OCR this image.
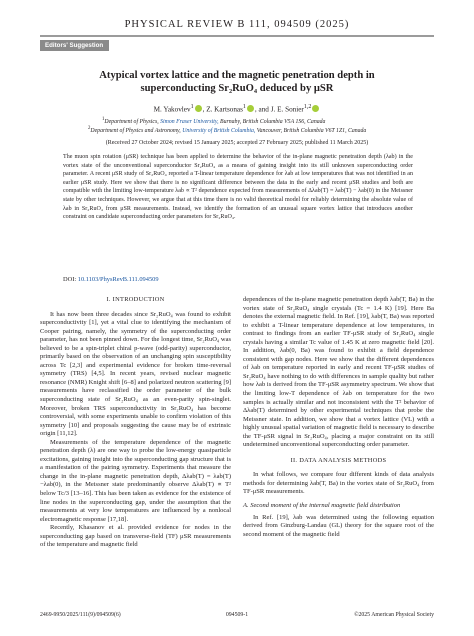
PHYSICAL REVIEW B 111, 094509 (2025)
Editors' Suggestion
Atypical vortex lattice and the magnetic penetration depth in
superconducting Sr₂RuO₄ deduced by μSR
M. Yakovlev$^1$ , Z. Kartsonas$^1$ , and J. E. Sonier$^{1,2}$
$^1$Department of Physics, Simon Fraser University, Burnaby, British Columbia V5A 1S6, Canada
$^2$Department of Physics and Astronomy, University of British Columbia, Vancouver, British Columbia V6T 1Z1, Canada
(Received 27 October 2024; revised 15 January 2025; accepted 27 February 2025; published 11 March 2025)
The muon spin rotation (μSR) technique has been applied to determine the behavior of the in-plane magnetic penetration depth (λab) in the vortex state of the unconventional superconductor Sr₂RuO₄ as a means of gaining insight into its still unknown superconducting order parameter. A recent μSR study of Sr₂RuO₄ reported a T-linear temperature dependence for λab at low temperatures that was not identified in an earlier μSR study. Here we show that there is no significant difference between the data in the early and recent μSR studies and both are compatible with the limiting low-temperature λab ∝ T² dependence expected from measurements of Δλab(T) = λab(T) − λab(0) in the Meissner state by other techniques. However, we argue that at this time there is no valid theoretical model for reliably determining the absolute value of λab in Sr₂RuO₄ from μSR measurements. Instead, we identify the formation of an unusual square vortex lattice that introduces another constraint on candidate superconducting order parameters for Sr₂RuO₄.
DOI: 10.1103/PhysRevB.111.094509

I. INTRODUCTION

It has now been three decades since Sr₂RuO₄ was found to exhibit superconductivity [1], yet a vital clue to identifying the mechanism of Cooper pairing, namely, the symmetry of the superconducting order parameter, has not been pinned down. For the longest time, Sr₂RuO₄ was believed to be a spin-triplet chiral p-wave (odd-parity) superconductor, primarily based on the observation of an unchanging spin susceptibility across Tc [2,3] and experimental evidence for broken time-reversal symmetry (TRS) [4,5]. In recent years, revised nuclear magnetic resonance (NMR) Knight shift [6–8] and polarized neutron scattering [9] measurements have reclassified the order parameter of the bulk superconducting state of Sr₂RuO₄ as an even-parity spin-singlet. Moreover, broken TRS superconductivity in Sr₂RuO₄ has become controversial, with some experiments unable to confirm violation of this symmetry [10] and proposals suggesting the cause may be of extrinsic origin [11,12].

Measurements of the temperature dependence of the magnetic penetration depth (λ) are one way to probe the low-energy quasiparticle excitations, gaining insight into the superconducting gap structure that is a manifestation of the pairing symmetry. Experiments that measure the change in the in-plane magnetic penetration depth, Δλab(T) = λab(T)−λab(0), in the Meissner state predominantly observe Δλab(T) ∝ T² below Tc/3 [13–16]. This has been taken as evidence for the existence of line nodes in the superconducting gap, under the assumption that the measurements at very low temperatures are influenced by a nonlocal electromagnetic response [17,18].

Recently, Khasanov et al. provided evidence for nodes in the superconducting gap based on transverse-field (TF) μSR measurements of the temperature and magnetic field

dependences of the in-plane magnetic penetration depth λab(T, Ba) in the vortex state of Sr₂RuO₄ single crystals (Tc = 1.4 K) [19]. Here Ba denotes the external magnetic field. In Ref. [19], λab(T, Ba) was reported to exhibit a T-linear temperature dependence at low temperatures, in contrast to findings from an earlier TF-μSR study of Sr₂RuO₄ single crystals having a similar Tc value of 1.45 K at zero magnetic field [20]. In addition, λab(0, Ba) was found to exhibit a field dependence consistent with gap nodes. Here we show that the different dependences of λab on temperature reported in early and recent TF-μSR studies of Sr₂RuO₄ have nothing to do with differences in sample quality but rather how λab is derived from the TF-μSR asymmetry spectrum. We show that the limiting low-T dependence of λab on temperature for the two samples is actually similar and not inconsistent with the T² behavior of Δλab(T) determined by other experimental techniques that probe the Meissner state. In addition, we show that a vortex lattice (VL) with a highly unusual spatial variation of magnetic field is necessary to describe the TF-μSR signal in Sr₂RuO₄, placing a major constraint on its still undetermined unconventional superconducting order parameter.

II. DATA ANALYSIS METHODS

In what follows, we compare four different kinds of data analysis methods for determining λab(T, Ba) in the vortex state of Sr₂RuO₄ from TF-μSR measurements.

A. Second moment of the internal magnetic field distribution

In Ref. [19], λab was determined using the following equation derived from Ginzburg-Landau (GL) theory for the square root of the second moment of the magnetic field

2469-9950/2025/111(9)/094509(6)	094509-1	©2025 American Physical Society
